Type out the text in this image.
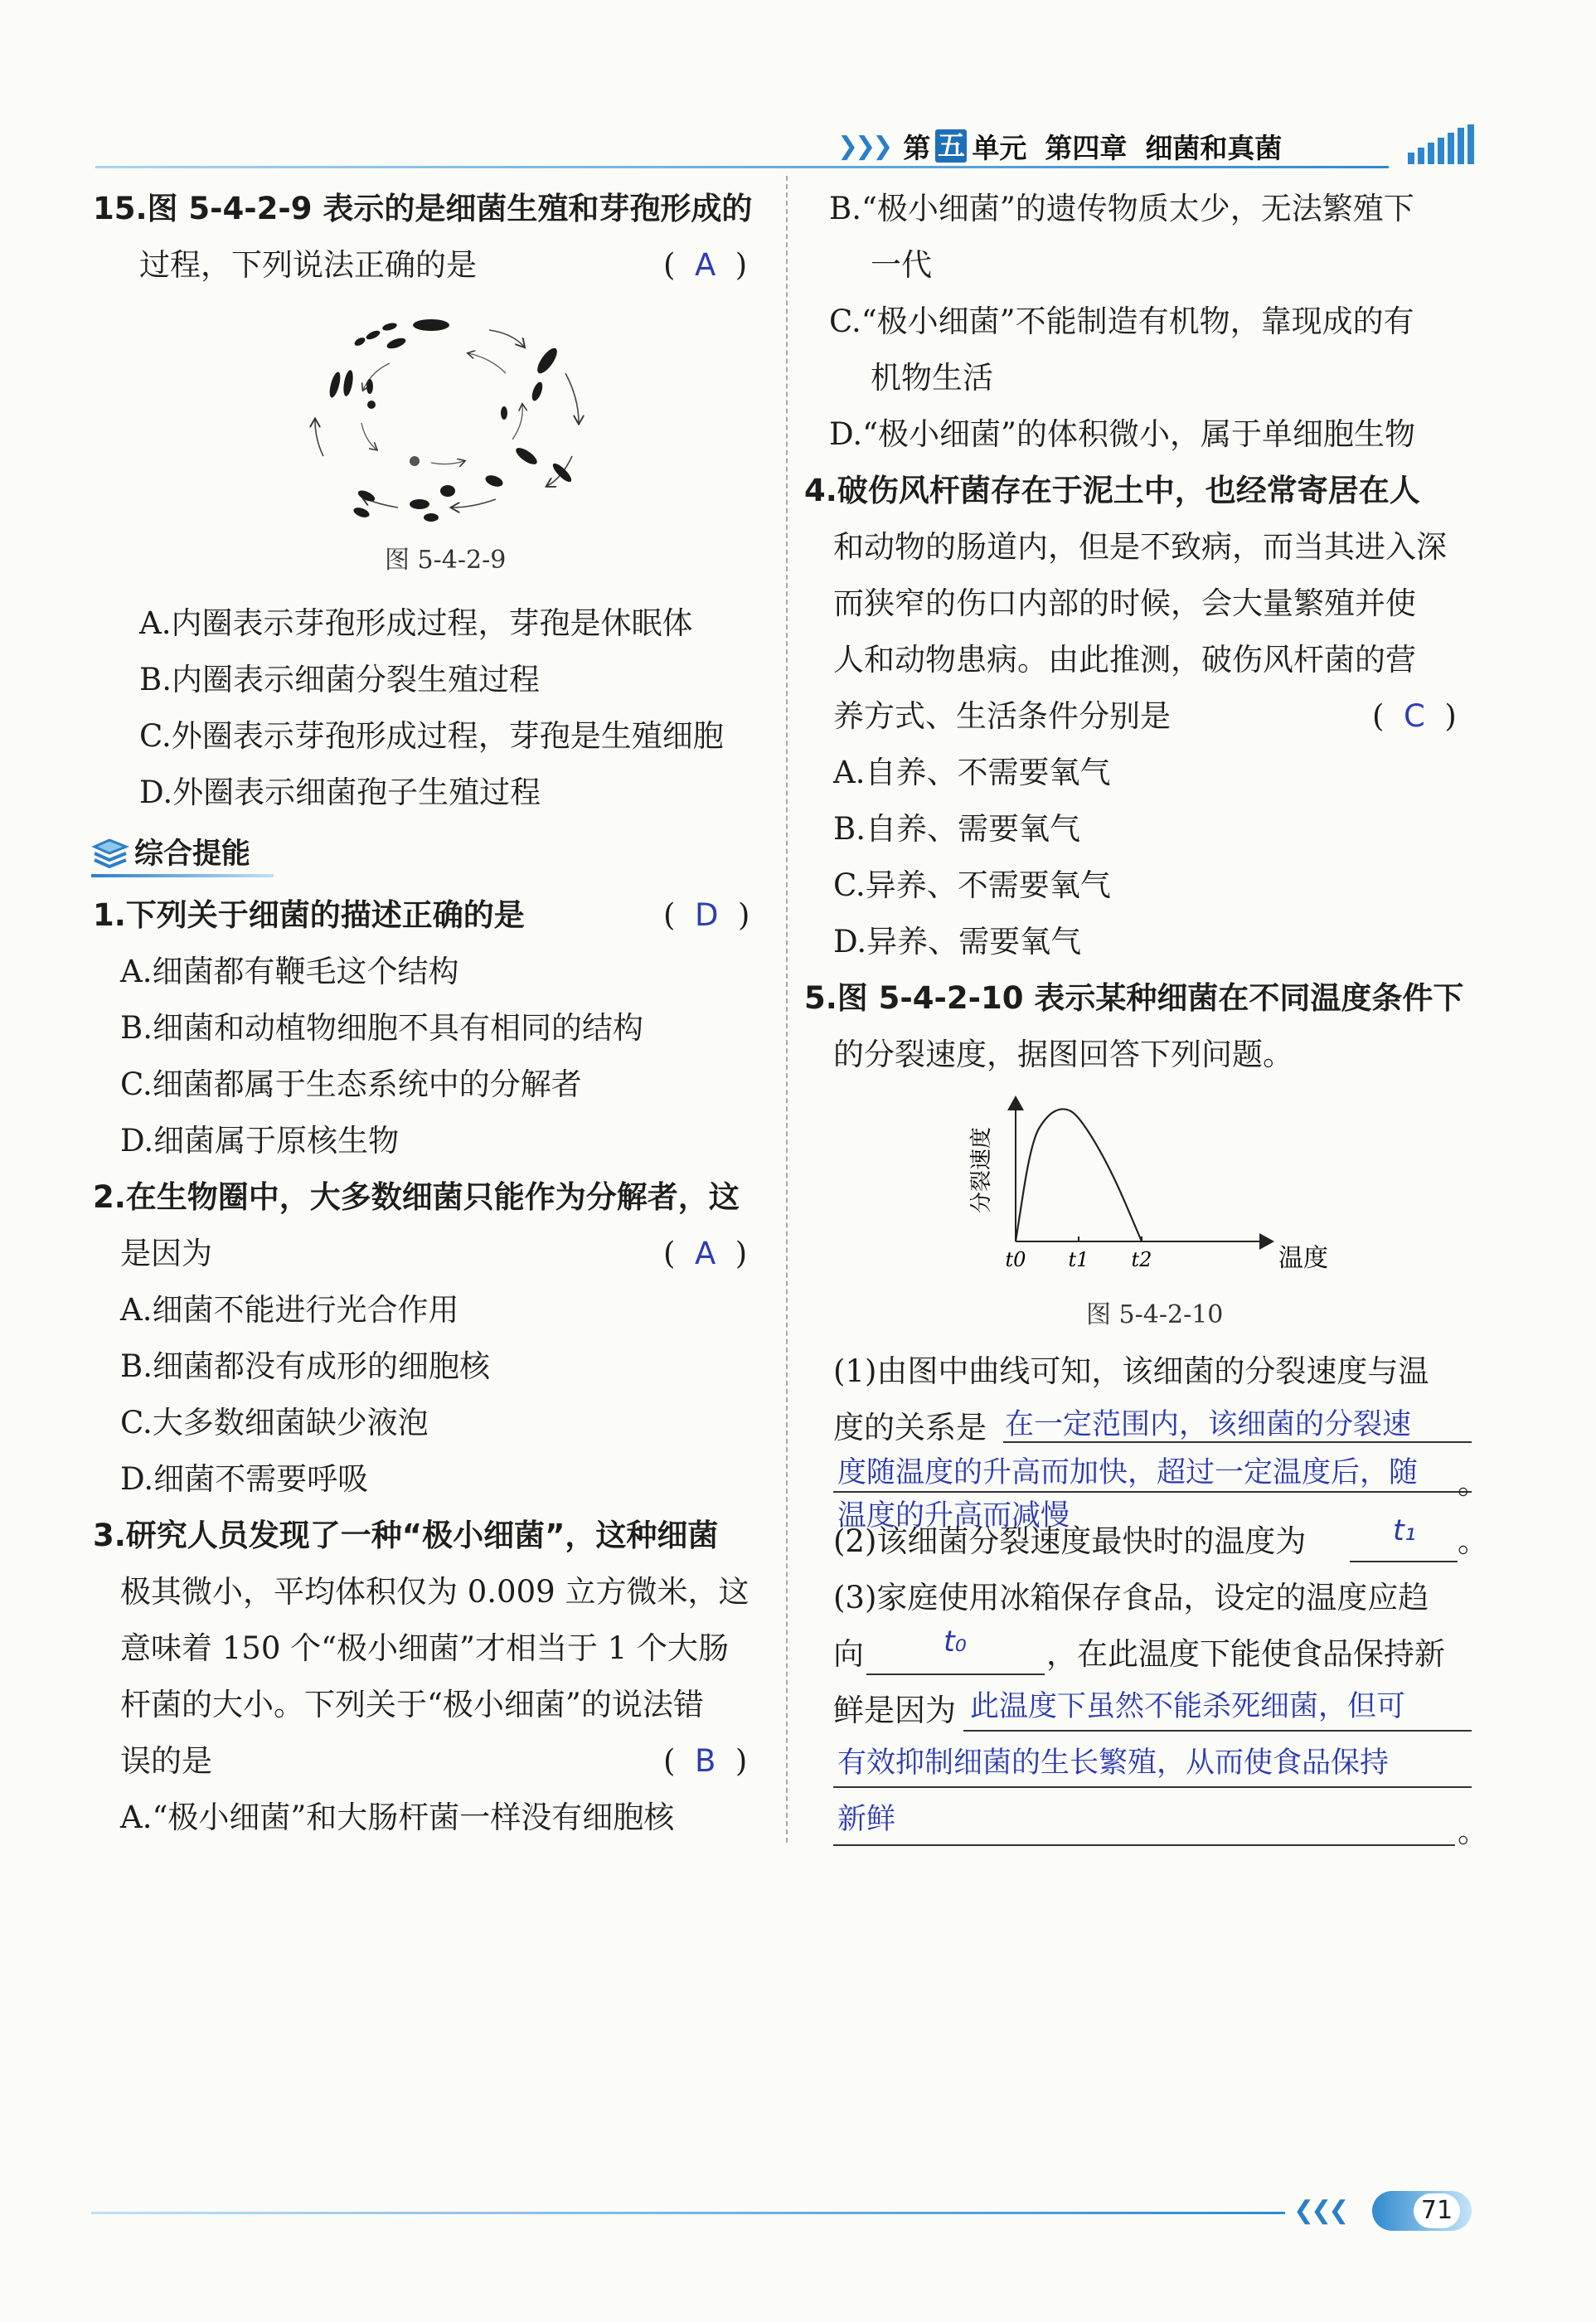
❯❯❯ 第 五 单元 第四章 细菌和真菌
15.图 5-4-2-9 表示的是细菌生殖和芽孢形成的
过程，下列说法正确的是	(  A  )
图 5-4-2-9
A.内圈表示芽孢形成过程，芽孢是休眠体
B.内圈表示细菌分裂生殖过程
C.外圈表示芽孢形成过程，芽孢是生殖细胞
D.外圈表示细菌孢子生殖过程
综合提能
1.下列关于细菌的描述正确的是	(  D  )
A.细菌都有鞭毛这个结构
B.细菌和动植物细胞不具有相同的结构
C.细菌都属于生态系统中的分解者
D.细菌属于原核生物
2.在生物圈中，大多数细菌只能作为分解者，这
是因为	(  A  )
A.细菌不能进行光合作用
B.细菌都没有成形的细胞核
C.大多数细菌缺少液泡
D.细菌不需要呼吸
3.研究人员发现了一种“极小细菌”，这种细菌
极其微小，平均体积仅为 0.009 立方微米，这
意味着 150 个“极小细菌”才相当于 1 个大肠
杆菌的大小。下列关于“极小细菌”的说法错
误的是	(  B  )
A.“极小细菌”和大肠杆菌一样没有细胞核
B.“极小细菌”的遗传物质太少，无法繁殖下
一代
C.“极小细菌”不能制造有机物，靠现成的有
机物生活
D.“极小细菌”的体积微小，属于单细胞生物
4.破伤风杆菌存在于泥土中，也经常寄居在人
和动物的肠道内，但是不致病，而当其进入深
而狭窄的伤口内部的时候，会大量繁殖并使
人和动物患病。由此推测，破伤风杆菌的营
养方式、生活条件分别是	(  C  )
A.自养、不需要氧气
B.自养、需要氧气
C.异养、不需要氧气
D.异养、需要氧气
5.图 5-4-2-10 表示某种细菌在不同温度条件下
的分裂速度，据图回答下列问题。
分裂速度
温度
t0 t1 t2
图 5-4-2-10
(1)由图中曲线可知，该细菌的分裂速度与温
度的关系是 在一定范围内，该细菌的分裂速
度随温度的升高而加快，超过一定温度后，随
温度的升高而减慢
。
(2)该细菌分裂速度最快时的温度为	t₁ 。
(3)家庭使用冰箱保存食品，设定的温度应趋
向	t₀	，在此温度下能使食品保持新
鲜是因为 此温度下虽然不能杀死细菌，但可
有效抑制细菌的生长繁殖，从而使食品保持
新鲜	。
❮❮❮	71
